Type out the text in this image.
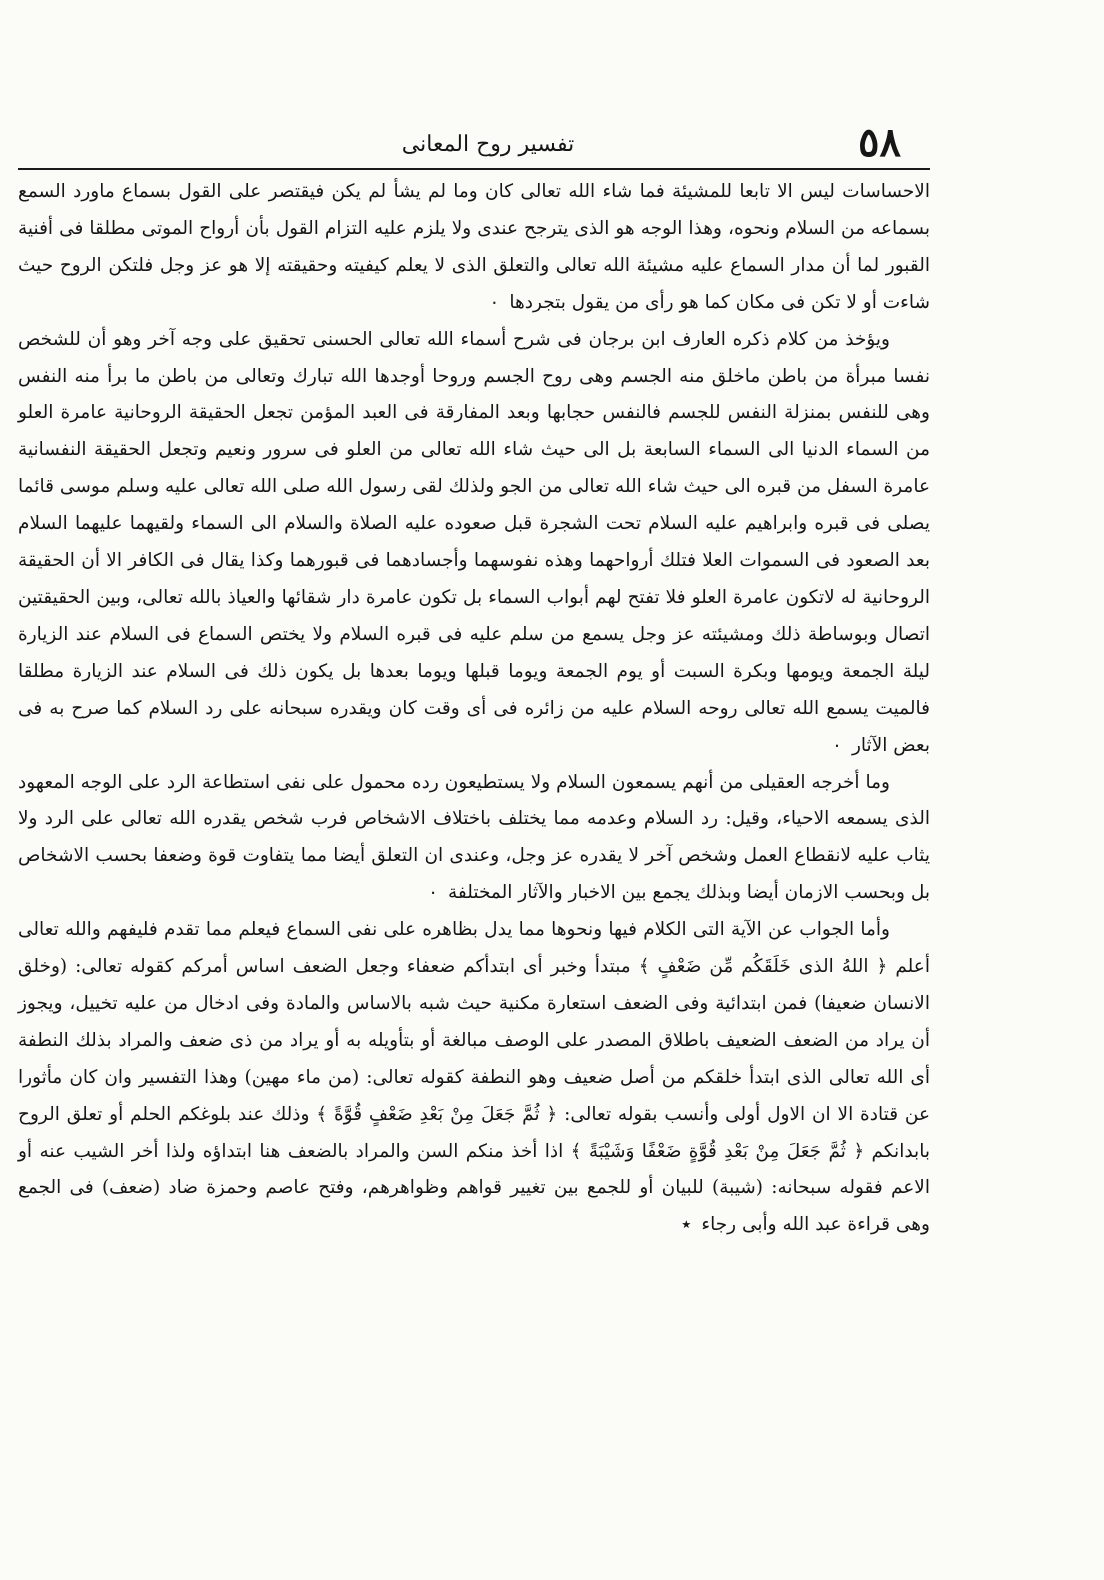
٥٨
تفسير روح المعانى

الاحساسات ليس الا تابعا للمشيئة فما شاء الله تعالى كان وما لم يشأ لم يكن فيقتصر على القول بسماع ماورد السمع بسماعه من السلام ونحوه، وهذا الوجه هو الذى يترجح عندى ولا يلزم عليه التزام القول بأن أرواح الموتى مطلقا فى أفنية القبور لما أن مدار السماع عليه مشيئة الله تعالى والتعلق الذى لا يعلم كيفيته وحقيقته إلا هو عز وجل فلتكن الروح حيث شاءت أو لا تكن فى مكان كما هو رأى من يقول بتجردها٠

ويؤخذ من كلام ذكره العارف ابن برجان فى شرح أسماء الله تعالى الحسنى تحقيق على وجه آخر وهو أن للشخص نفسا مبرأة من باطن ماخلق منه الجسم وهى روح الجسم وروحا أوجدها الله تبارك وتعالى من باطن ما برأ منه النفس وهى للنفس بمنزلة النفس للجسم فالنفس حجابها وبعد المفارقة فى العبد المؤمن تجعل الحقيقة الروحانية عامرة العلو من السماء الدنيا الى السماء السابعة بل الى حيث شاء الله تعالى من العلو فى سرور ونعيم وتجعل الحقيقة النفسانية عامرة السفل من قبره الى حيث شاء الله تعالى من الجو ولذلك لقى رسول الله صلى الله تعالى عليه وسلم موسى قائما يصلى فى قبره وابراهيم عليه السلام تحت الشجرة قبل صعوده عليه الصلاة والسلام الى السماء ولقيهما عليهما السلام بعد الصعود فى السموات العلا فتلك أرواحهما وهذه نفوسهما وأجسادهما فى قبورهما وكذا يقال فى الكافر الا أن الحقيقة الروحانية له لاتكون عامرة العلو فلا تفتح لهم أبواب السماء بل تكون عامرة دار شقائها والعياذ بالله تعالى، وبين الحقيقتين اتصال وبوساطة ذلك ومشيئته عز وجل يسمع من سلم عليه فى قبره السلام ولا يختص السماع فى السلام عند الزيارة ليلة الجمعة ويومها وبكرة السبت أو يوم الجمعة ويوما قبلها ويوما بعدها بل يكون ذلك فى السلام عند الزيارة مطلقا فالميت يسمع الله تعالى روحه السلام عليه من زائره فى أى وقت كان ويقدره سبحانه على رد السلام كما صرح به فى بعض الآثار٠

وما أخرجه العقيلى من أنهم يسمعون السلام ولا يستطيعون رده محمول على نفى استطاعة الرد على الوجه المعهود الذى يسمعه الاحياء، وقيل: رد السلام وعدمه مما يختلف باختلاف الاشخاص فرب شخص يقدره الله تعالى على الرد ولا يثاب عليه لانقطاع العمل وشخص آخر لا يقدره عز وجل، وعندى ان التعلق أيضا مما يتفاوت قوة وضعفا بحسب الاشخاص بل وبحسب الازمان أيضا وبذلك يجمع بين الاخبار والآثار المختلفة٠

وأما الجواب عن الآية التى الكلام فيها ونحوها مما يدل بظاهره على نفى السماع فيعلم مما تقدم فليفهم والله تعالى أعلم ﴿ اللهُ الذى خَلَقَكُم مِّن ضَعْفٍ ﴾ مبتدأ وخبر أى ابتدأكم ضعفاء وجعل الضعف اساس أمركم كقوله تعالى: (وخلق الانسان ضعيفا) فمن ابتدائية وفى الضعف استعارة مكنية حيث شبه بالاساس والمادة وفى ادخال من عليه تخييل، ويجوز أن يراد من الضعف الضعيف باطلاق المصدر على الوصف مبالغة أو بتأويله به أو يراد من ذى ضعف والمراد بذلك النطفة أى الله تعالى الذى ابتدأ خلقكم من أصل ضعيف وهو النطفة كقوله تعالى: (من ماء مهين) وهذا التفسير وان كان مأثورا عن قتادة الا ان الاول أولى وأنسب بقوله تعالى: ﴿ ثُمَّ جَعَلَ مِنْ بَعْدِ ضَعْفٍ قُوَّةً ﴾ وذلك عند بلوغكم الحلم أو تعلق الروح بابدانكم ﴿ ثُمَّ جَعَلَ مِنْ بَعْدِ قُوَّةٍ ضَعْفًا وَشَيْبَةً ﴾ اذا أخذ منكم السن والمراد بالضعف هنا ابتداؤه ولذا أخر الشيب عنه أو الاعم فقوله سبحانه: (شيبة) للبيان أو للجمع بين تغيير قواهم وظواهرهم، وفتح عاصم وحمزة ضاد (ضعف) فى الجمع وهى قراءة عبد الله وأبى رجاء٭
